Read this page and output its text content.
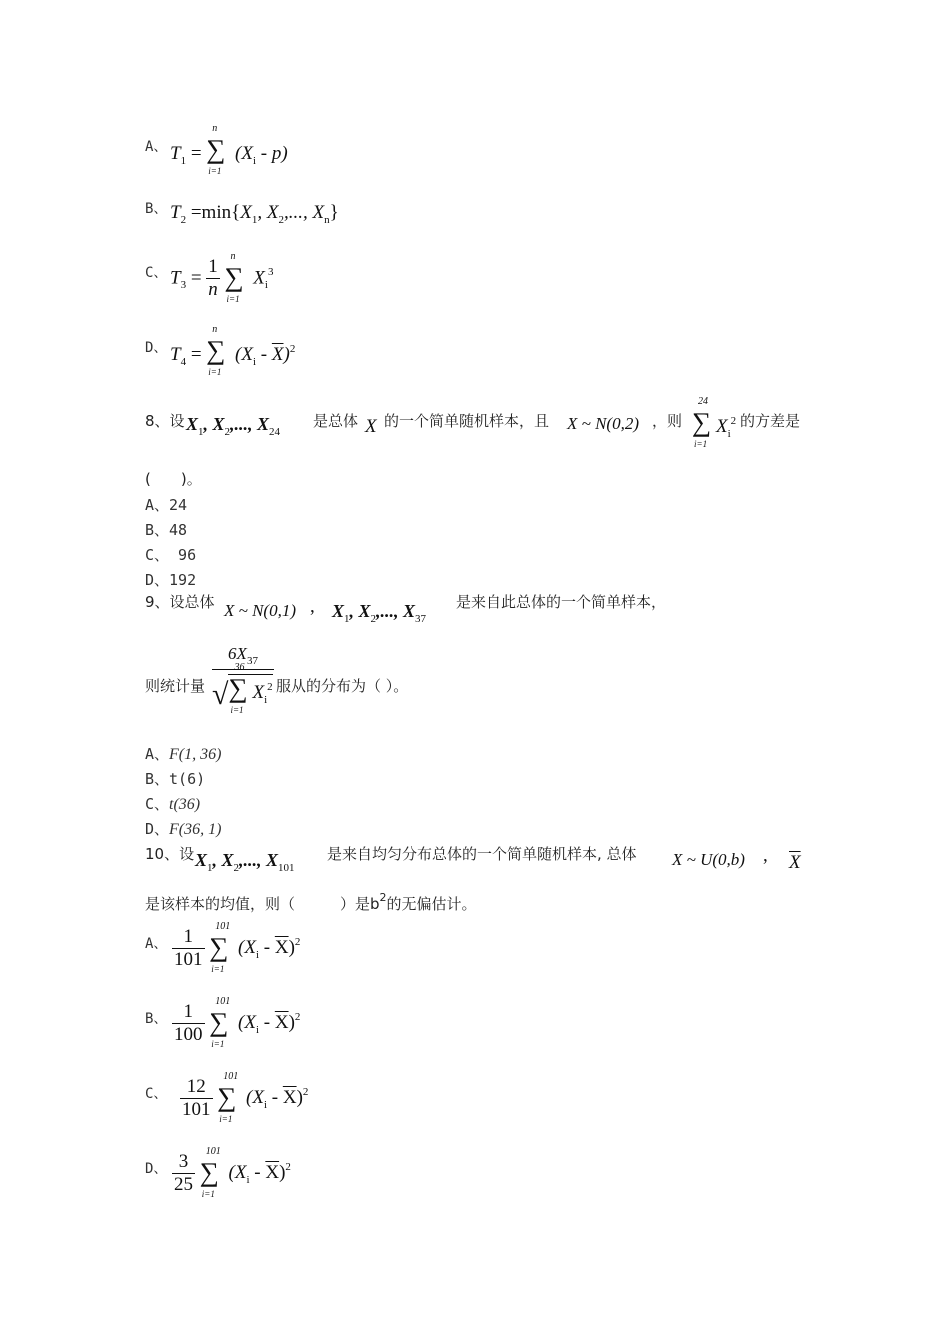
A、 $T_1$ = ∑
n
i=1
$(X_i - p)$
B、 $T_2 =\min\{X_1$, $X_2$,..., $X_n$}
C、 $T_3 = \frac{1}{n}$
∑
n
i=1
$X_i^3$
D、 $T_4$ = ∑
n
i=1
$(X_i - \overline{X})^2$
8、设 $X_1$, $X_2$,..., $X_{24}$
是总体 X 的一个简单随机样本，且 X ~ N(0,2) ，则 ∑
24
i=1
$X_i^2$ 的方差是
(　　)。
A、24
B、48
C、 96
D、192
9、设总体 X ~ N(0,1) , $X_1$, $X_2$,..., $X_{37}$
是来自此总体的一个简单样本，
则统计量
$6X_{37}$
√ ∑
36
i=1
$X_i^2$ 服从的分布为（ ）。
A、F(1, 36)
B、t(6)
C、t(36)
D、F(36, 1)
10、设 $X_1$, $X_2$,..., $X_{101}$
是来自均匀分布总体的一个简单随机样本, 总体 X ~ U(0,b) , $\overline{X}$
是该样本的均值，则（　　　）是$b^2$的无偏估计。
A、 $\frac{1}{101}$
∑
101
i=1
$(X_i - \overline{X})^2$
B、 $\frac{1}{100}$
∑
101
i=1
$(X_i - \overline{X})^2$
C、 $\frac{12}{101}$
∑
101
i=1
$(X_i - \overline{X})^2$
D、 $\frac{3}{25}$
∑
101
i=1
$(X_i - \overline{X})^2$
